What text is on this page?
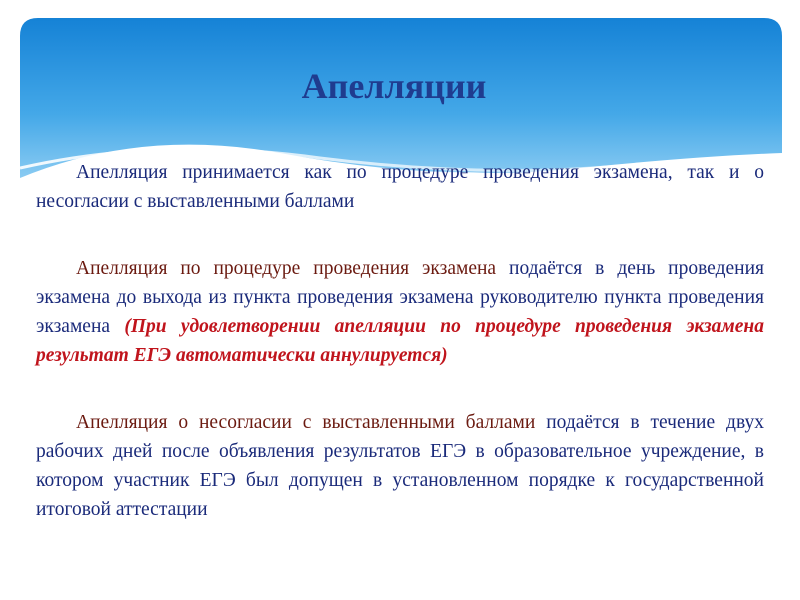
Апелляции

Апелляция принимается как по процедуре проведения экзамена, так и о несогласии с выставленными баллами

Апелляция по процедуре проведения экзамена подаётся в день проведения экзамена до выхода из пункта проведения экзамена руководителю пункта проведения экзамена (При удовлетворении апелляции по процедуре проведения экзамена результат ЕГЭ автоматически аннулируется)

Апелляция о несогласии с выставленными баллами подаётся в течение двух рабочих дней после объявления результатов ЕГЭ в образовательное учреждение, в котором участник ЕГЭ был допущен в установленном порядке к государственной итоговой аттестации
